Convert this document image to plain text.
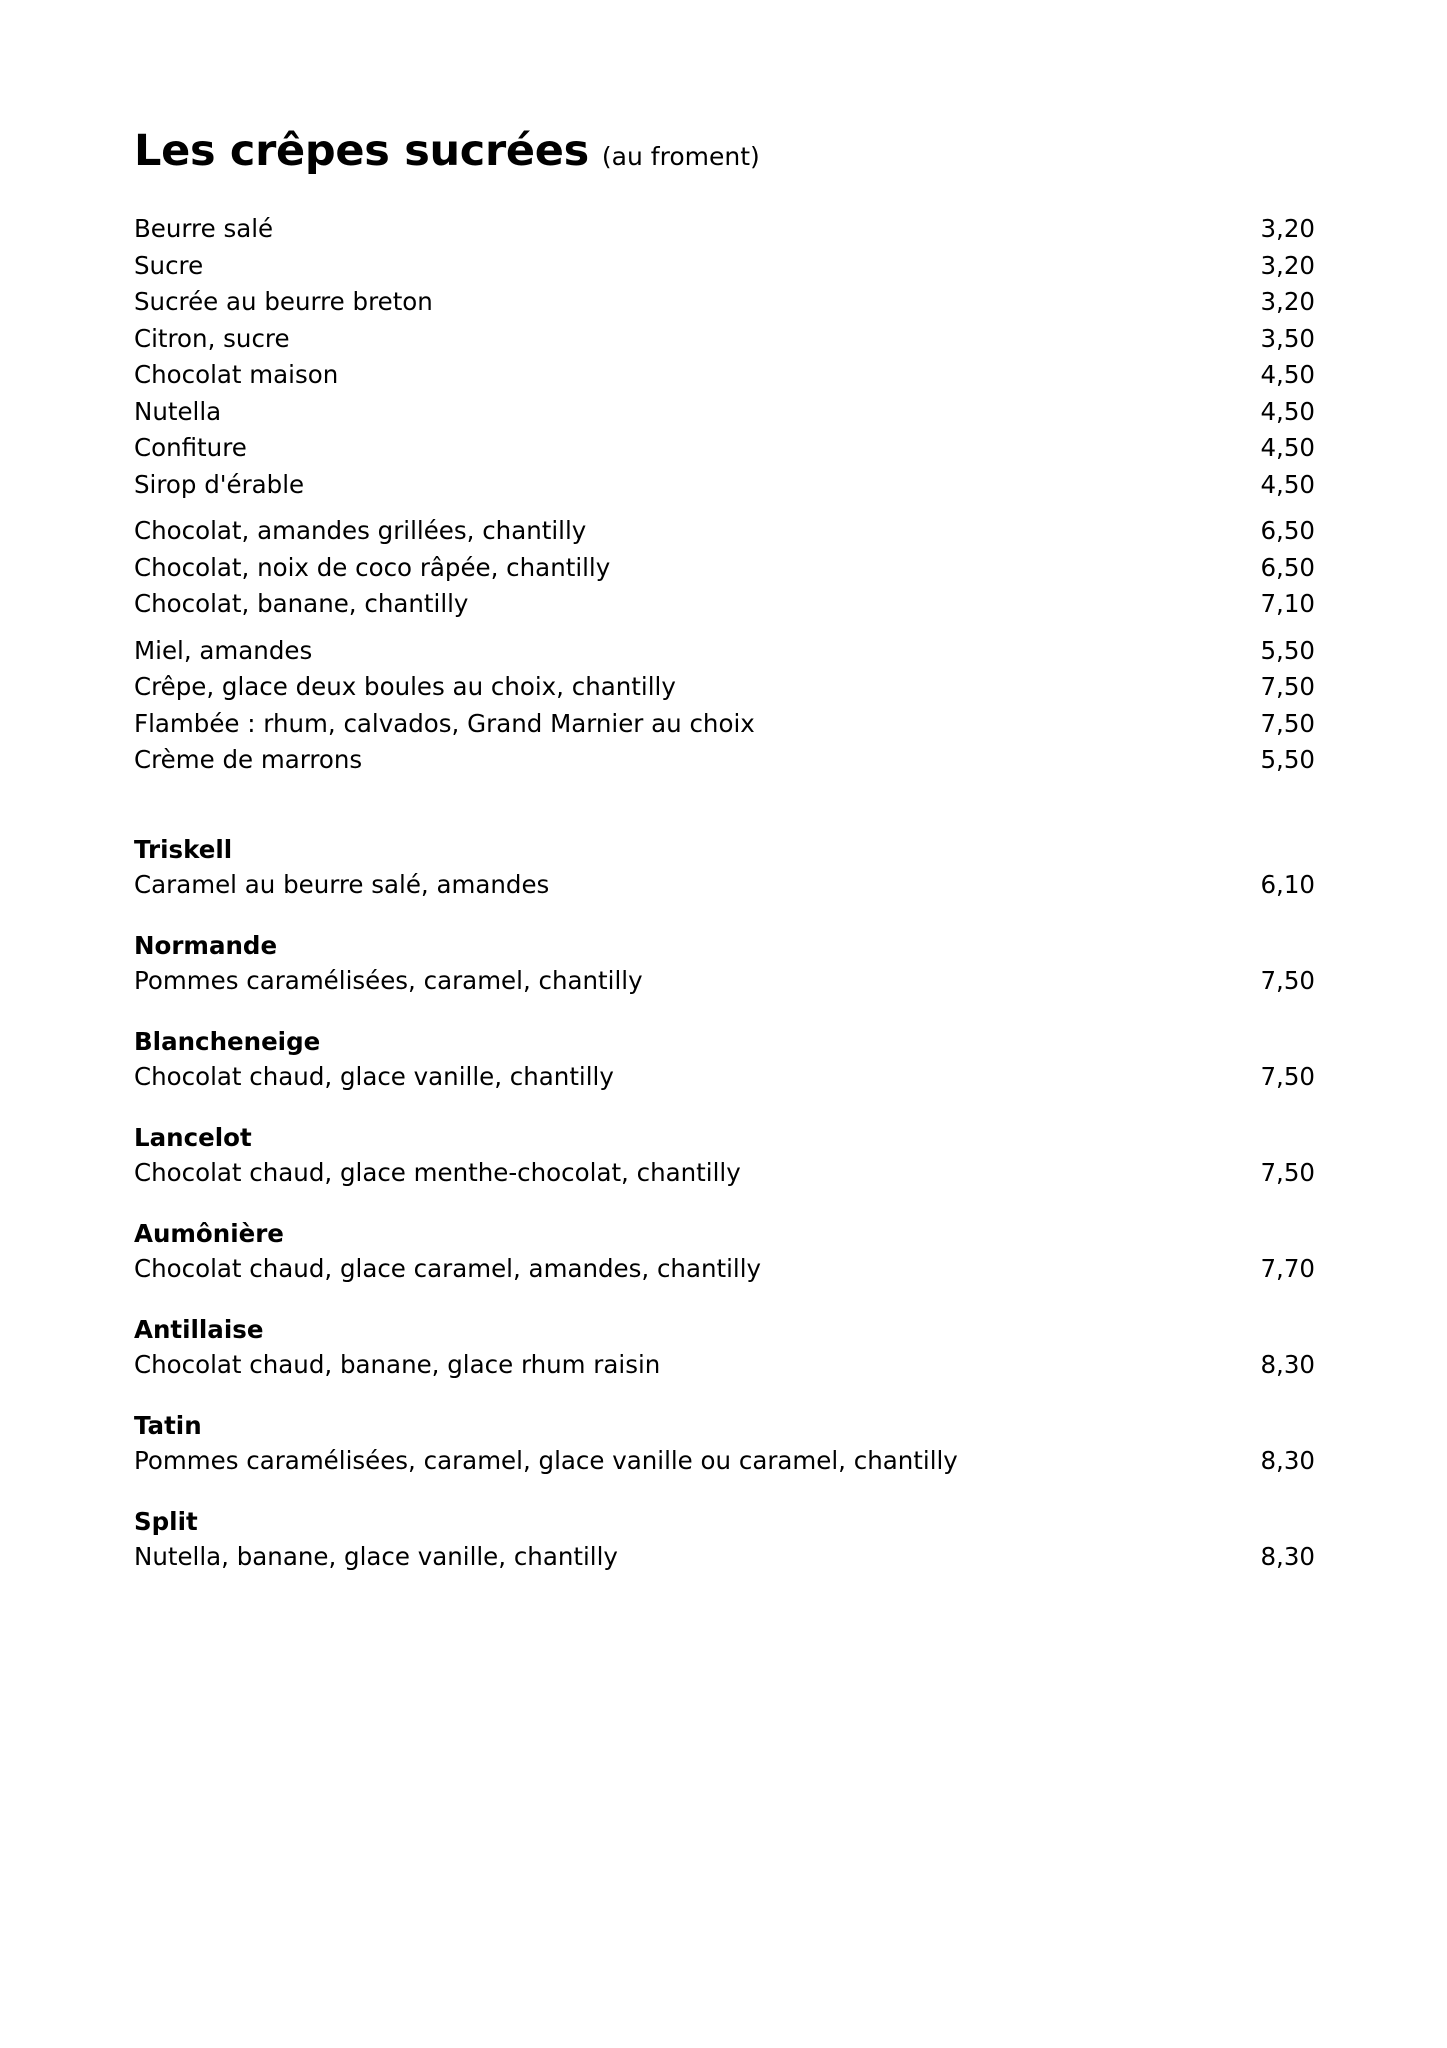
Les crêpes sucrées (au froment)
Beurre salé	3,20
Sucre	3,20
Sucrée au beurre breton	3,20
Citron, sucre	3,50
Chocolat maison	4,50
Nutella	4,50
Confiture	4,50
Sirop d'érable	4,50
Chocolat, amandes grillées, chantilly	6,50
Chocolat, noix de coco râpée, chantilly	6,50
Chocolat, banane, chantilly	7,10
Miel, amandes	5,50
Crêpe, glace deux boules au choix, chantilly	7,50
Flambée : rhum, calvados, Grand Marnier au choix	7,50
Crème de marrons	5,50
Triskell
Caramel au beurre salé, amandes	6,10
Normande
Pommes caramélisées, caramel, chantilly	7,50
Blancheneige
Chocolat chaud, glace vanille, chantilly	7,50
Lancelot
Chocolat chaud, glace menthe-chocolat, chantilly	7,50
Aumônière
Chocolat chaud, glace caramel, amandes, chantilly	7,70
Antillaise
Chocolat chaud, banane, glace rhum raisin	8,30
Tatin
Pommes caramélisées, caramel, glace vanille ou caramel, chantilly	8,30
Split
Nutella, banane, glace vanille, chantilly	8,30
